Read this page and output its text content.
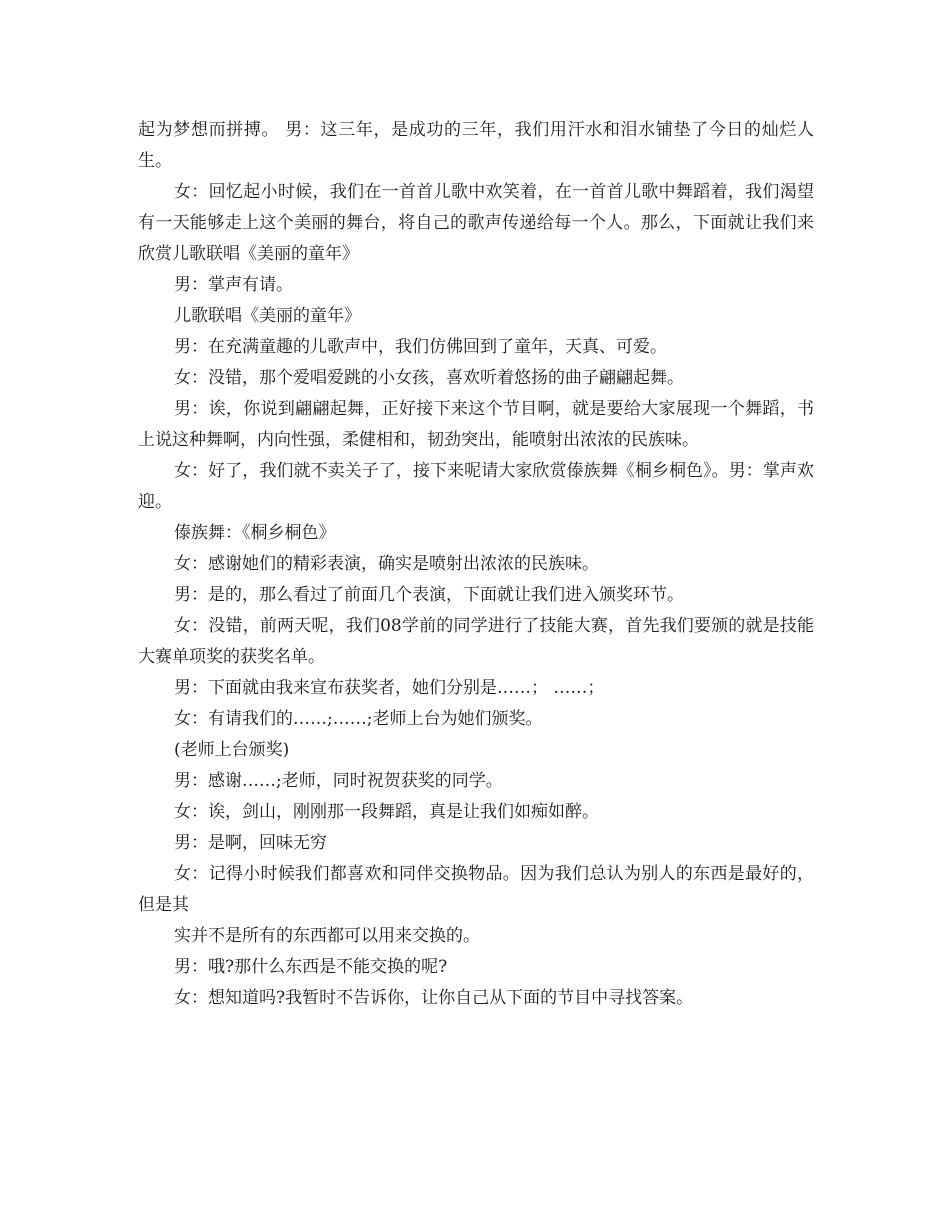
起为梦想而拼搏。 男：这三年，是成功的三年，我们用汗水和泪水铺垫了今日的灿烂人生。

女：回忆起小时候，我们在一首首儿歌中欢笑着，在一首首儿歌中舞蹈着，我们渴望有一天能够走上这个美丽的舞台，将自己的歌声传递给每一个人。那么，下面就让我们来欣赏儿歌联唱《美丽的童年》

男：掌声有请。

儿歌联唱《美丽的童年》

男：在充满童趣的儿歌声中，我们仿佛回到了童年，天真、可爱。

女：没错，那个爱唱爱跳的小女孩，喜欢听着悠扬的曲子翩翩起舞。

男：诶，你说到翩翩起舞，正好接下来这个节目啊，就是要给大家展现一个舞蹈，书上说这种舞啊，内向性强，柔健相和，韧劲突出，能喷射出浓浓的民族味。

女：好了，我们就不卖关子了，接下来呢请大家欣赏傣族舞《桐乡桐色》。男：掌声欢迎。

傣族舞：《桐乡桐色》

女：感谢她们的精彩表演，确实是喷射出浓浓的民族味。

男：是的，那么看过了前面几个表演，下面就让我们进入颁奖环节。

女：没错，前两天呢，我们08学前的同学进行了技能大赛，首先我们要颁的就是技能大赛单项奖的获奖名单。

男：下面就由我来宣布获奖者，她们分别是……； ……；

女：有请我们的……;……;老师上台为她们颁奖。

(老师上台颁奖)

男：感谢……;老师，同时祝贺获奖的同学。

女：诶，剑山，刚刚那一段舞蹈，真是让我们如痴如醉。

男：是啊，回味无穷

女：记得小时候我们都喜欢和同伴交换物品。因为我们总认为别人的东西是最好的，但是其

实并不是所有的东西都可以用来交换的。

男：哦?那什么东西是不能交换的呢?

女：想知道吗?我暂时不告诉你，让你自己从下面的节目中寻找答案。
